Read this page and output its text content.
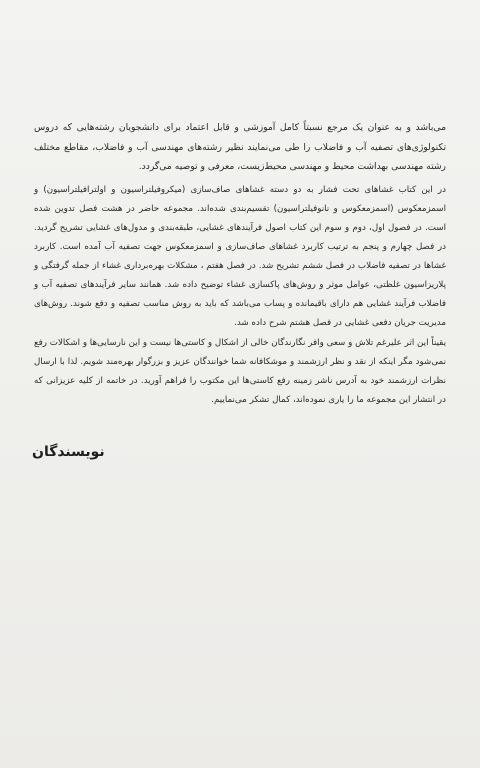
می‌باشد و به عنوان یک مرجع نسبتاً کامل آموزشی و قابل اعتماد برای دانشجویان رشته‌هایی که دروس تکنولوژی‌های تصفیه آب و فاضلاب را طی می‌نمایند نظیر رشته‌های مهندسی آب و فاضلاب، مقاطع مختلف رشته مهندسی بهداشت محیط و مهندسی محیط‌زیست، معرفی و توصیه می‌گردد.

در این کتاب غشاهای تحت فشار به دو دسته غشاهای صاف‌سازی (میکروفیلتراسیون و اولترافیلتراسیون) و اسمزمعکوس (اسمزمعکوس و نانوفیلتراسیون) تقسیم‌بندی شده‌اند. مجموعه حاضر در هشت فصل تدوین شده است. در فصول اول، دوم و سوم این کتاب اصول فرآیندهای غشایی، طبقه‌بندی و مدول‌های غشایی تشریح گردید. در فصل چهارم و پنجم به ترتیب کاربرد غشاهای صاف‌سازی و اسمزمعکوس جهت تصفیه آب آمده است. کاربرد غشاها در تصفیه فاضلاب در فصل ششم تشریح شد. در فصل هفتم ، مشکلات بهره‌برداری غشاء از جمله گرفتگی و پلاریزاسیون غلظتی، عوامل موثر و روش‌های پاکسازی غشاء توضیح داده شد. همانند سایر فرآیندهای تصفیه آب و فاضلاب فرآیند غشایی هم دارای باقیمانده و پساب می‌باشد که باید به روش مناسب تصفیه و دفع شوند. روش‌های مدیریت جریان دفعی غشایی در فصل هشتم شرح داده شد.

یقیناً این اثر علیرغم تلاش و سعی وافر نگارندگان خالی از اشکال و کاستی‌ها نیست و این نارسایی‌ها و اشکالات رفع نمی‌شود مگر اینکه از نقد و نظر ارزشمند و موشکافانه شما خوانندگان عزیز و بزرگوار بهره‌مند شویم. لذا با ارسال نظرات ارزشمند خود به آدرس ناشر زمینه رفع کاستی‌ها این مکتوب را فراهم آورید. در خاتمه از کلیه عزیزانی که در انتشار این مجموعه ما را یاری نموده‌اند، کمال تشکر می‌نماییم.

نویسندگان
